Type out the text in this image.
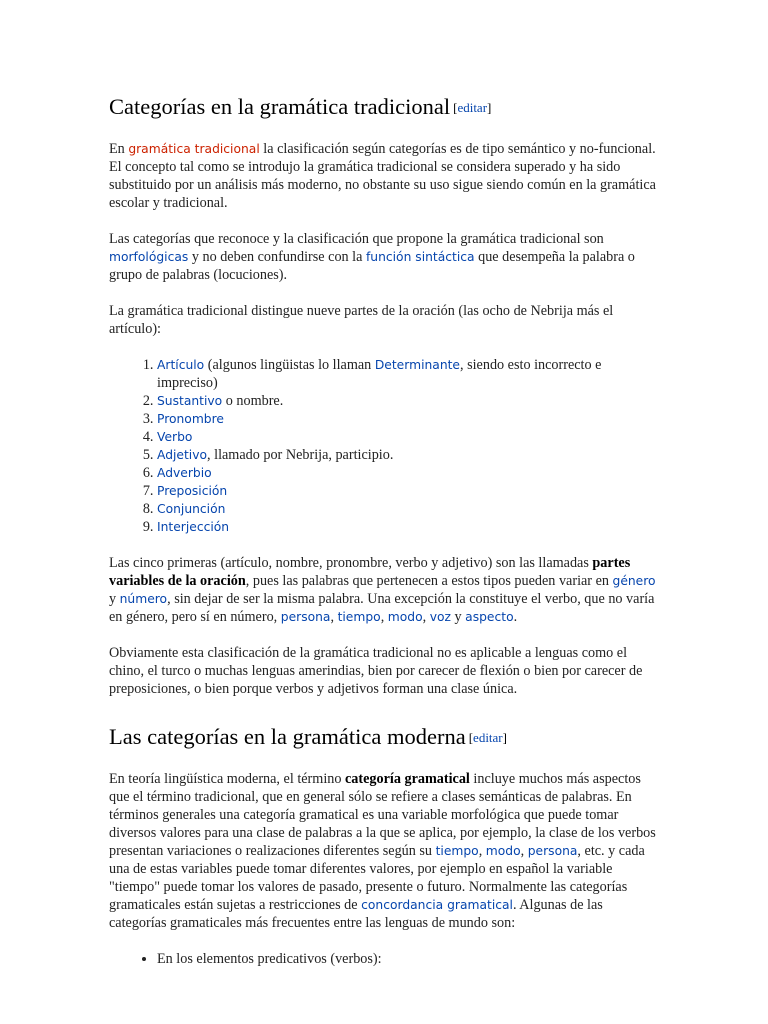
Categorías en la gramática tradicional [editar]

En gramática tradicional la clasificación según categorías es de tipo semántico y no-funcional. El concepto tal como se introdujo la gramática tradicional se considera superado y ha sido substituido por un análisis más moderno, no obstante su uso sigue siendo común en la gramática escolar y tradicional.

Las categorías que reconoce y la clasificación que propone la gramática tradicional son morfológicas y no deben confundirse con la función sintáctica que desempeña la palabra o grupo de palabras (locuciones).

La gramática tradicional distingue nueve partes de la oración (las ocho de Nebrija más el artículo):

1. Artículo (algunos lingüistas lo llaman Determinante, siendo esto incorrecto e impreciso)
2. Sustantivo o nombre.
3. Pronombre
4. Verbo
5. Adjetivo, llamado por Nebrija, participio.
6. Adverbio
7. Preposición
8. Conjunción
9. Interjección

Las cinco primeras (artículo, nombre, pronombre, verbo y adjetivo) son las llamadas partes variables de la oración, pues las palabras que pertenecen a estos tipos pueden variar en género y número, sin dejar de ser la misma palabra. Una excepción la constituye el verbo, que no varía en género, pero sí en número, persona, tiempo, modo, voz y aspecto.

Obviamente esta clasificación de la gramática tradicional no es aplicable a lenguas como el chino, el turco o muchas lenguas amerindias, bien por carecer de flexión o bien por carecer de preposiciones, o bien porque verbos y adjetivos forman una clase única.

Las categorías en la gramática moderna [editar]

En teoría lingüística moderna, el término categoría gramatical incluye muchos más aspectos que el término tradicional, que en general sólo se refiere a clases semánticas de palabras. En términos generales una categoría gramatical es una variable morfológica que puede tomar diversos valores para una clase de palabras a la que se aplica, por ejemplo, la clase de los verbos presentan variaciones o realizaciones diferentes según su tiempo, modo, persona, etc. y cada una de estas variables puede tomar diferentes valores, por ejemplo en español la variable "tiempo" puede tomar los valores de pasado, presente o futuro. Normalmente las categorías gramaticales están sujetas a restricciones de concordancia gramatical. Algunas de las categorías gramaticales más frecuentes entre las lenguas de mundo son:

• En los elementos predicativos (verbos):
